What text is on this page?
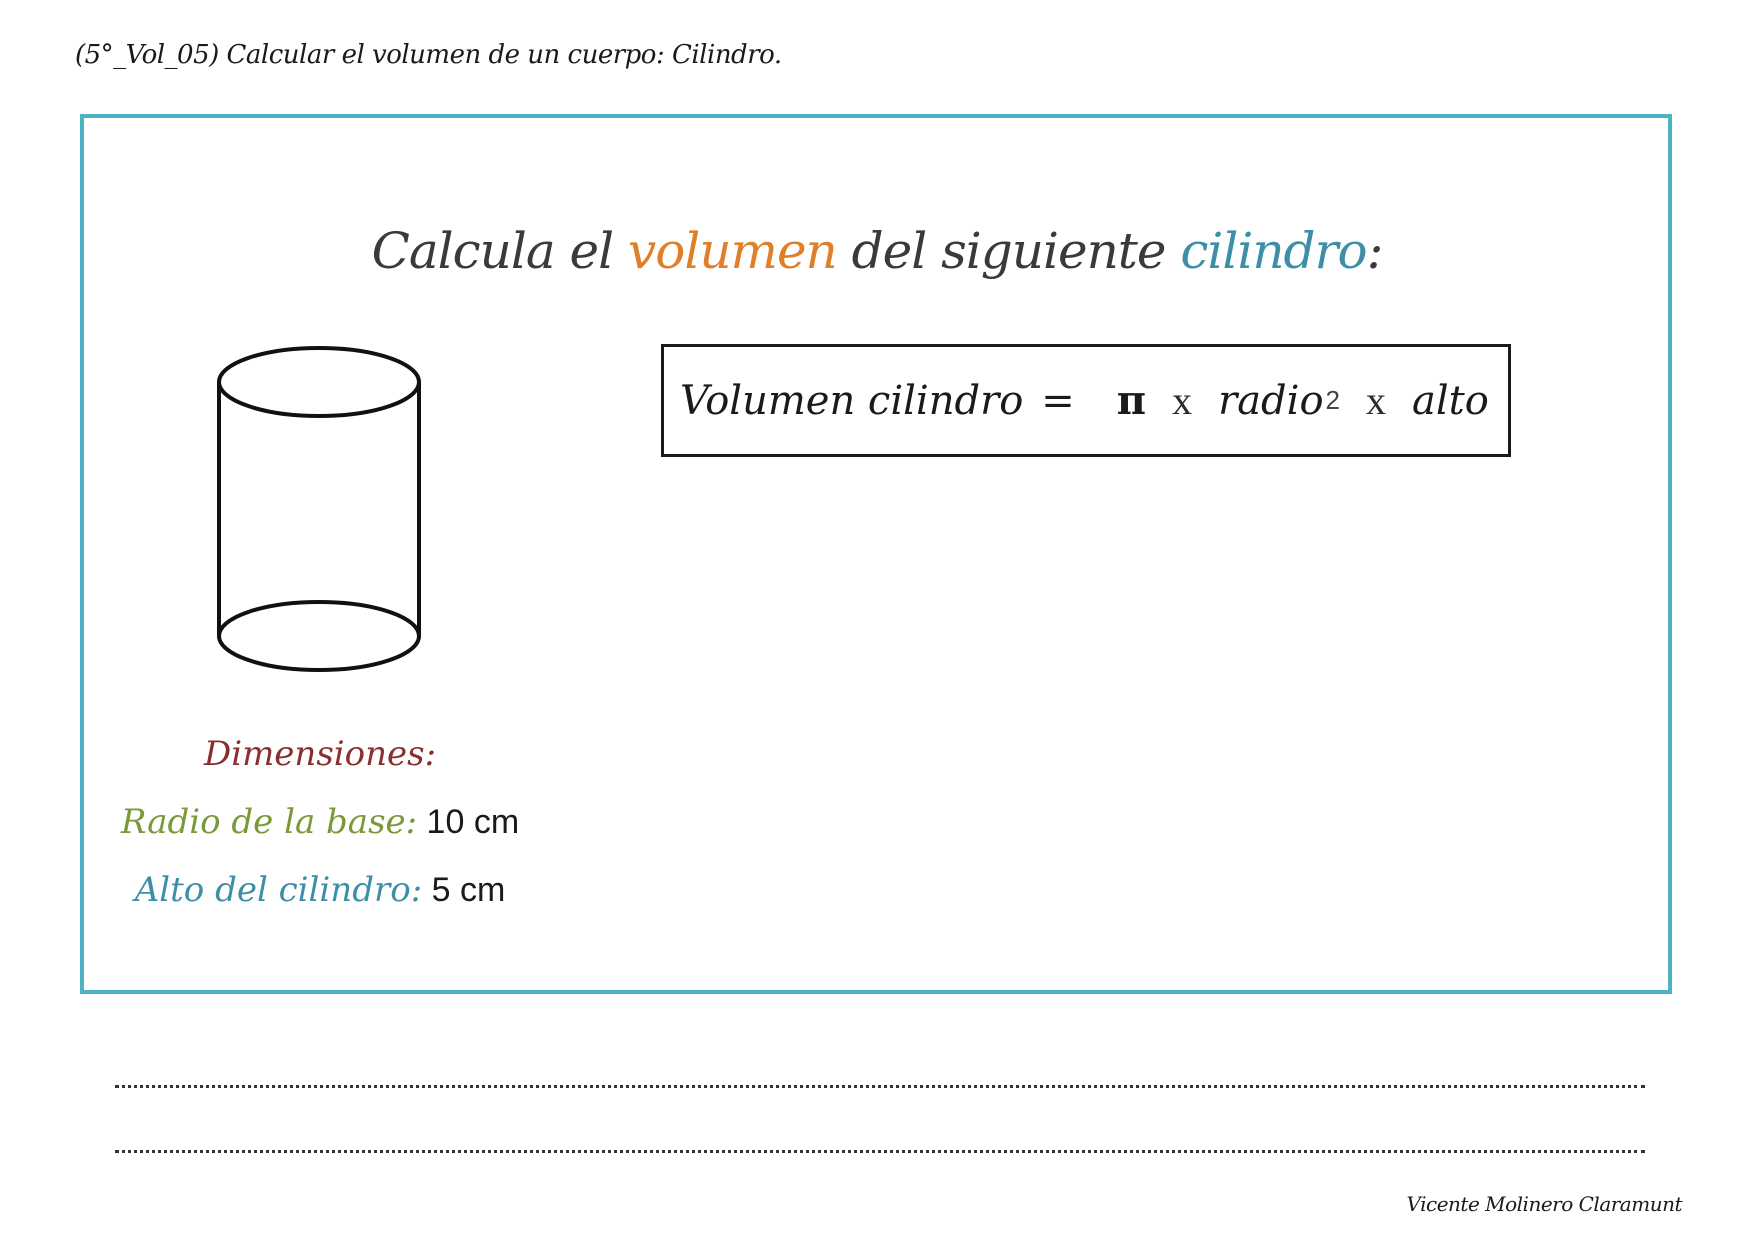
(5°_Vol_05) Calcular el volumen de un cuerpo: Cilindro.
Calcula el volumen del siguiente cilindro:
Volumen cilindro = π x radio 2 x alto
Dimensiones:
Radio de la base: 10 cm
Alto del cilindro: 5 cm
Vicente Molinero Claramunt
